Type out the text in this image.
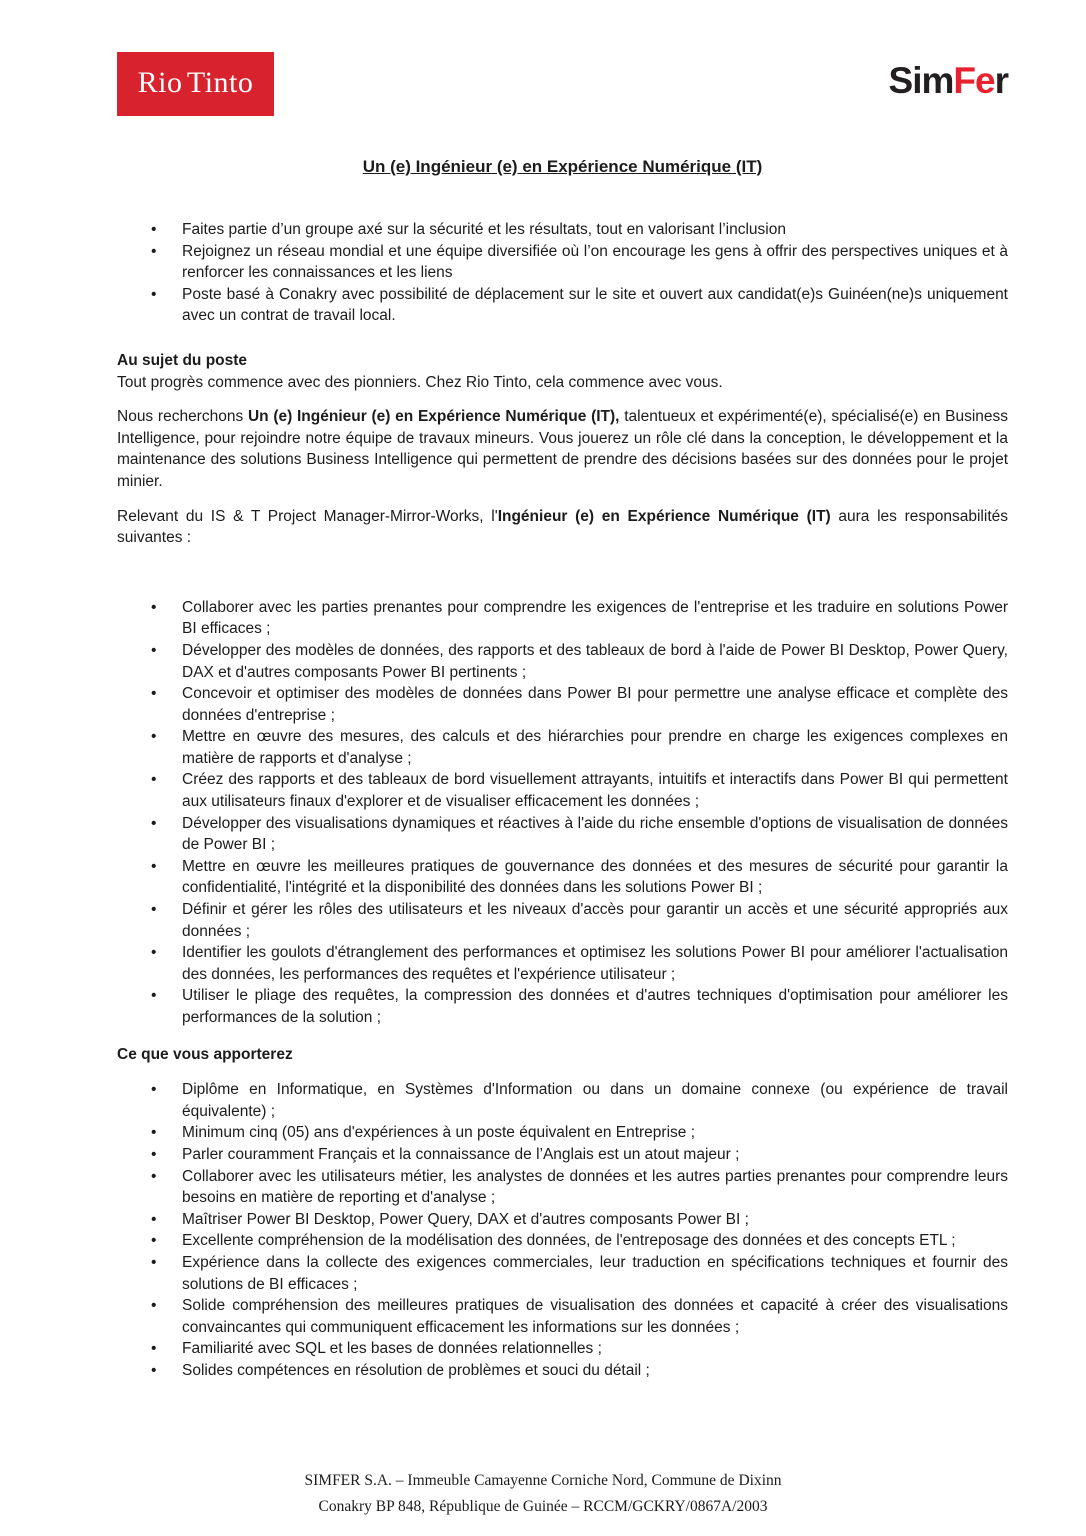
Rio Tinto	SimFer
Un (e) Ingénieur (e) en Expérience Numérique (IT)
• Faites partie d’un groupe axé sur la sécurité et les résultats, tout en valorisant l’inclusion
• Rejoignez un réseau mondial et une équipe diversifiée où l’on encourage les gens à offrir des perspectives uniques et à renforcer les connaissances et les liens
• Poste basé à Conakry avec possibilité de déplacement sur le site et ouvert aux candidat(e)s Guinéen(ne)s uniquement avec un contrat de travail local.
Au sujet du poste

Tout progrès commence avec des pionniers. Chez Rio Tinto, cela commence avec vous.

Nous recherchons Un (e) Ingénieur (e) en Expérience Numérique (IT), talentueux et expérimenté(e), spécialisé(e) en Business Intelligence, pour rejoindre notre équipe de travaux mineurs. Vous jouerez un rôle clé dans la conception, le développement et la maintenance des solutions Business Intelligence qui permettent de prendre des décisions basées sur des données pour le projet minier.

Relevant du IS & T Project Manager-Mirror-Works, l'Ingénieur (e) en Expérience Numérique (IT) aura les responsabilités suivantes :

• Collaborer avec les parties prenantes pour comprendre les exigences de l'entreprise et les traduire en solutions Power BI efficaces ;
• Développer des modèles de données, des rapports et des tableaux de bord à l'aide de Power BI Desktop, Power Query, DAX et d'autres composants Power BI pertinents ;
• Concevoir et optimiser des modèles de données dans Power BI pour permettre une analyse efficace et complète des données d'entreprise ;
• Mettre en œuvre des mesures, des calculs et des hiérarchies pour prendre en charge les exigences complexes en matière de rapports et d'analyse ;
• Créez des rapports et des tableaux de bord visuellement attrayants, intuitifs et interactifs dans Power BI qui permettent aux utilisateurs finaux d'explorer et de visualiser efficacement les données ;
• Développer des visualisations dynamiques et réactives à l'aide du riche ensemble d'options de visualisation de données de Power BI ;
• Mettre en œuvre les meilleures pratiques de gouvernance des données et des mesures de sécurité pour garantir la confidentialité, l'intégrité et la disponibilité des données dans les solutions Power BI ;
• Définir et gérer les rôles des utilisateurs et les niveaux d'accès pour garantir un accès et une sécurité appropriés aux données ;
• Identifier les goulots d'étranglement des performances et optimisez les solutions Power BI pour améliorer l'actualisation des données, les performances des requêtes et l'expérience utilisateur ;
• Utiliser le pliage des requêtes, la compression des données et d'autres techniques d'optimisation pour améliorer les performances de la solution ;
Ce que vous apporterez
• Diplôme en Informatique, en Systèmes d'Information ou dans un domaine connexe (ou expérience de travail équivalente) ;
• Minimum cinq (05) ans d'expériences à un poste équivalent en Entreprise ;
• Parler couramment Français et la connaissance de l’Anglais est un atout majeur ;
• Collaborer avec les utilisateurs métier, les analystes de données et les autres parties prenantes pour comprendre leurs besoins en matière de reporting et d'analyse ;
• Maîtriser Power BI Desktop, Power Query, DAX et d'autres composants Power BI ;
• Excellente compréhension de la modélisation des données, de l'entreposage des données et des concepts ETL ;
• Expérience dans la collecte des exigences commerciales, leur traduction en spécifications techniques et fournir des solutions de BI efficaces ;
• Solide compréhension des meilleures pratiques de visualisation des données et capacité à créer des visualisations convaincantes qui communiquent efficacement les informations sur les données ;
• Familiarité avec SQL et les bases de données relationnelles ;
• Solides compétences en résolution de problèmes et souci du détail ;
SIMFER S.A. – Immeuble Camayenne Corniche Nord, Commune de Dixinn
Conakry BP 848, République de Guinée – RCCM/GCKRY/0867A/2003
